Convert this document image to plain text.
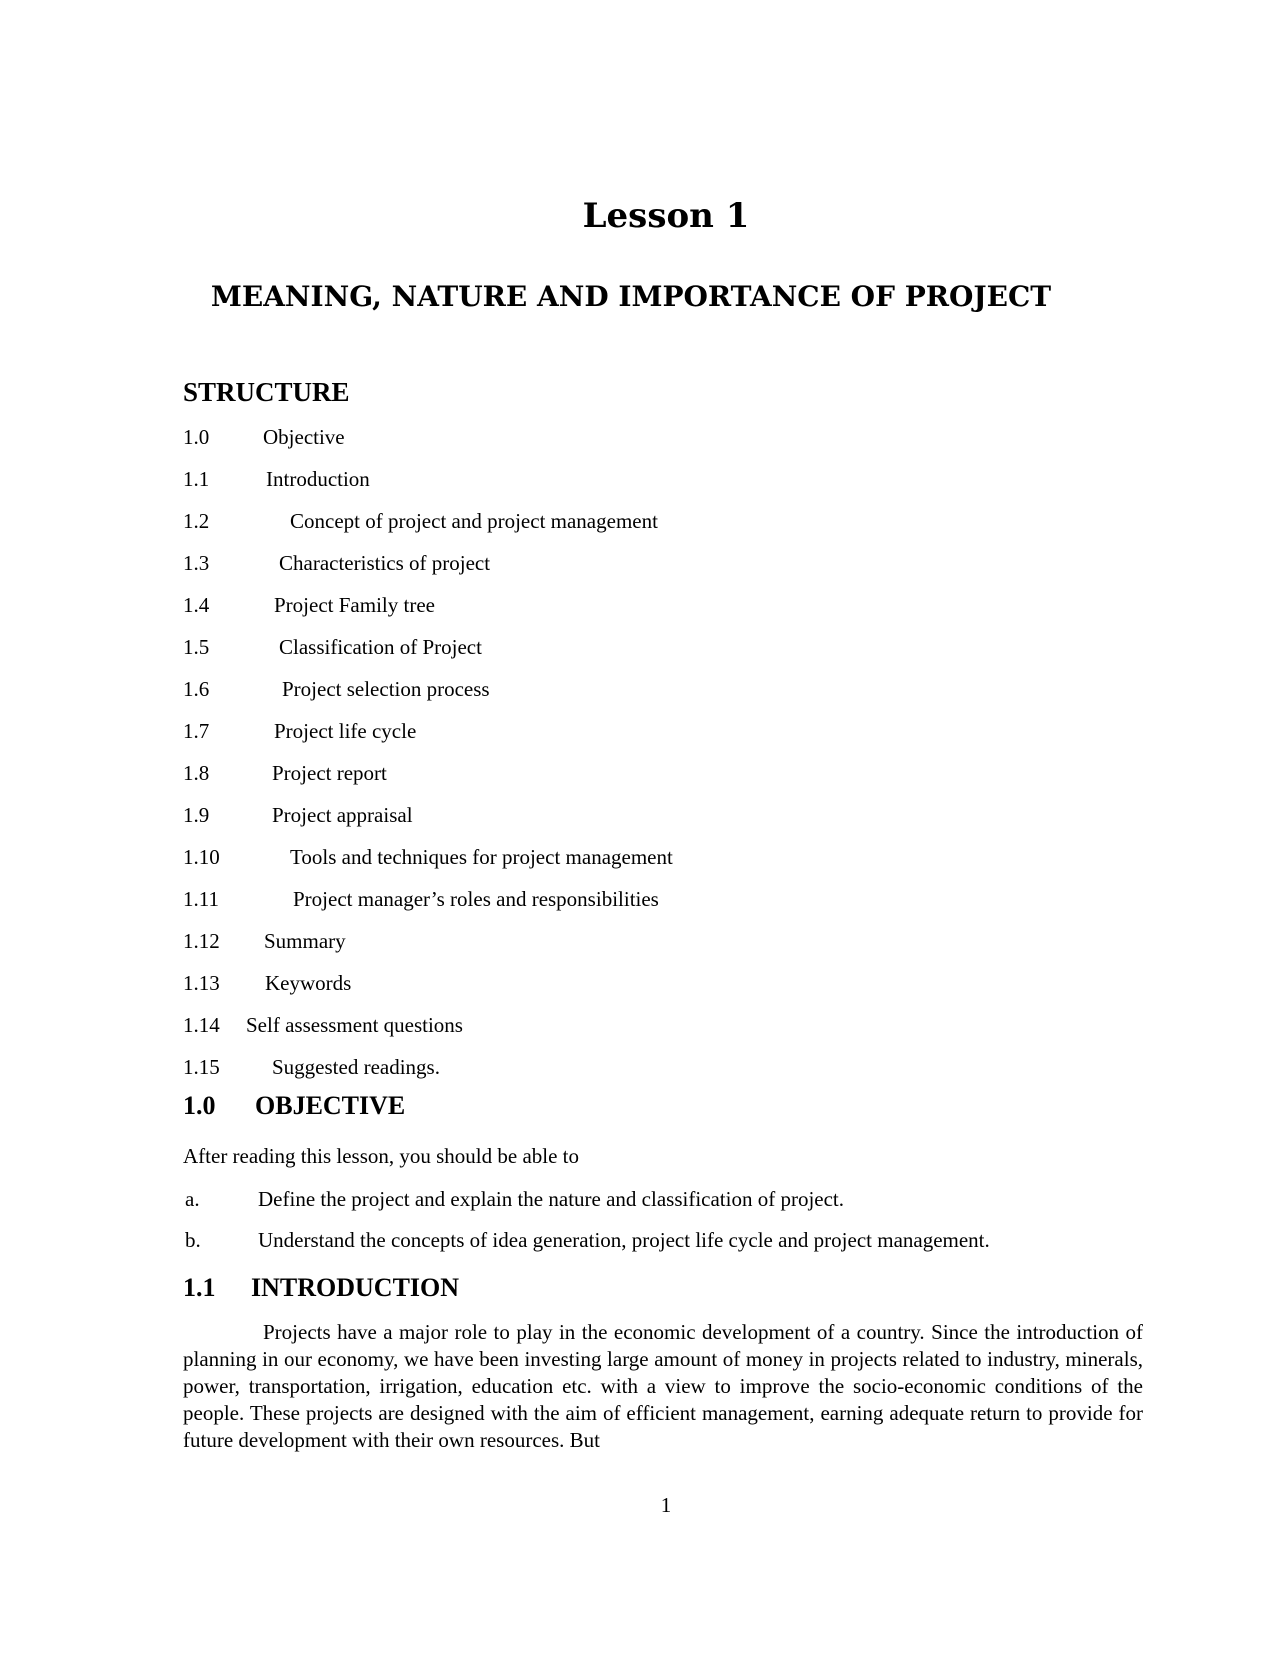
Lesson 1
MEANING, NATURE AND IMPORTANCE OF PROJECT
STRUCTURE
1.0	Objective
1.1	Introduction
1.2	Concept of project and project management
1.3	Characteristics of project
1.4	Project Family tree
1.5	Classification of Project
1.6	Project selection process
1.7	Project life cycle
1.8	Project report
1.9	Project appraisal
1.10	Tools and techniques for project management
1.11	Project manager’s roles and responsibilities
1.12	Summary
1.13	Keywords
1.14	Self assessment questions
1.15	Suggested readings.
1.0 OBJECTIVE

After reading this lesson, you should be able to

a.	Define the project and explain the nature and classification of project.
b.	Understand the concepts of idea generation, project life cycle and project management.
1.1 INTRODUCTION

Projects have a major role to play in the economic development of a country. Since the introduction of planning in our economy, we have been investing large amount of money in projects related to industry, minerals, power, transportation, irrigation, education etc. with a view to improve the socio-economic conditions of the people. These projects are designed with the aim of efficient management, earning adequate return to provide for future development with their own resources. But

1
